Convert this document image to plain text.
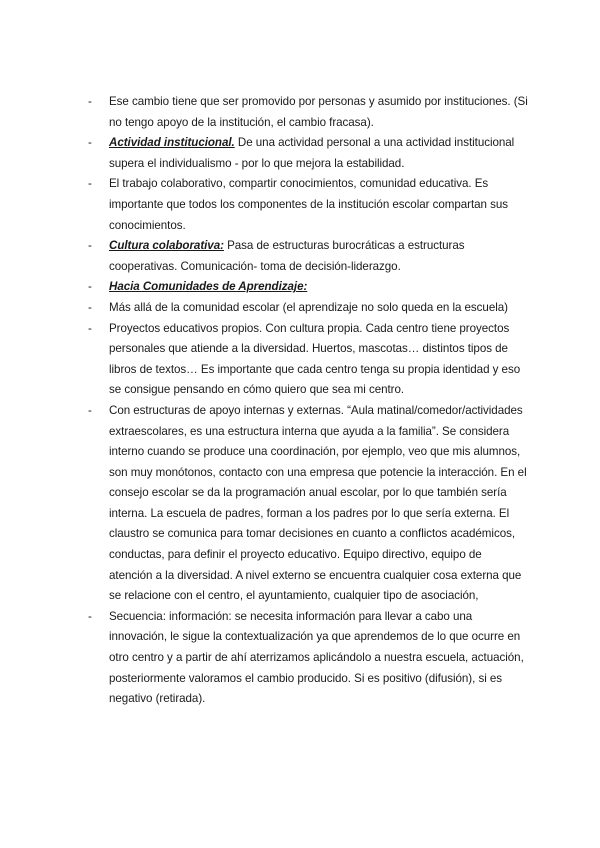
- Ese cambio tiene que ser promovido por personas y asumido por instituciones. (Si no tengo apoyo de la institución, el cambio fracasa).
- Actividad institucional. De una actividad personal a una actividad institucional supera el individualismo - por lo que mejora la estabilidad.
- El trabajo colaborativo, compartir conocimientos, comunidad educativa. Es importante que todos los componentes de la institución escolar compartan sus conocimientos.
- Cultura colaborativa: Pasa de estructuras burocráticas a estructuras cooperativas. Comunicación- toma de decisión-liderazgo.
- Hacia Comunidades de Aprendizaje:
- Más allá de la comunidad escolar (el aprendizaje no solo queda en la escuela)
- Proyectos educativos propios. Con cultura propia. Cada centro tiene proyectos personales que atiende a la diversidad. Huertos, mascotas… distintos tipos de libros de textos… Es importante que cada centro tenga su propia identidad y eso se consigue pensando en cómo quiero que sea mi centro.
- Con estructuras de apoyo internas y externas. “Aula matinal/comedor/actividades extraescolares, es una estructura interna que ayuda a la familia”. Se considera interno cuando se produce una coordinación, por ejemplo, veo que mis alumnos, son muy monótonos, contacto con una empresa que potencie la interacción. En el consejo escolar se da la programación anual escolar, por lo que también sería interna. La escuela de padres, forman a los padres por lo que sería externa. El claustro se comunica para tomar decisiones en cuanto a conflictos académicos, conductas, para definir el proyecto educativo. Equipo directivo, equipo de atención a la diversidad. A nivel externo se encuentra cualquier cosa externa que se relacione con el centro, el ayuntamiento, cualquier tipo de asociación,
- Secuencia: información: se necesita información para llevar a cabo una innovación, le sigue la contextualización ya que aprendemos de lo que ocurre en otro centro y a partir de ahí aterrizamos aplicándolo a nuestra escuela, actuación, posteriormente valoramos el cambio producido. Si es positivo (difusión), si es negativo (retirada).
